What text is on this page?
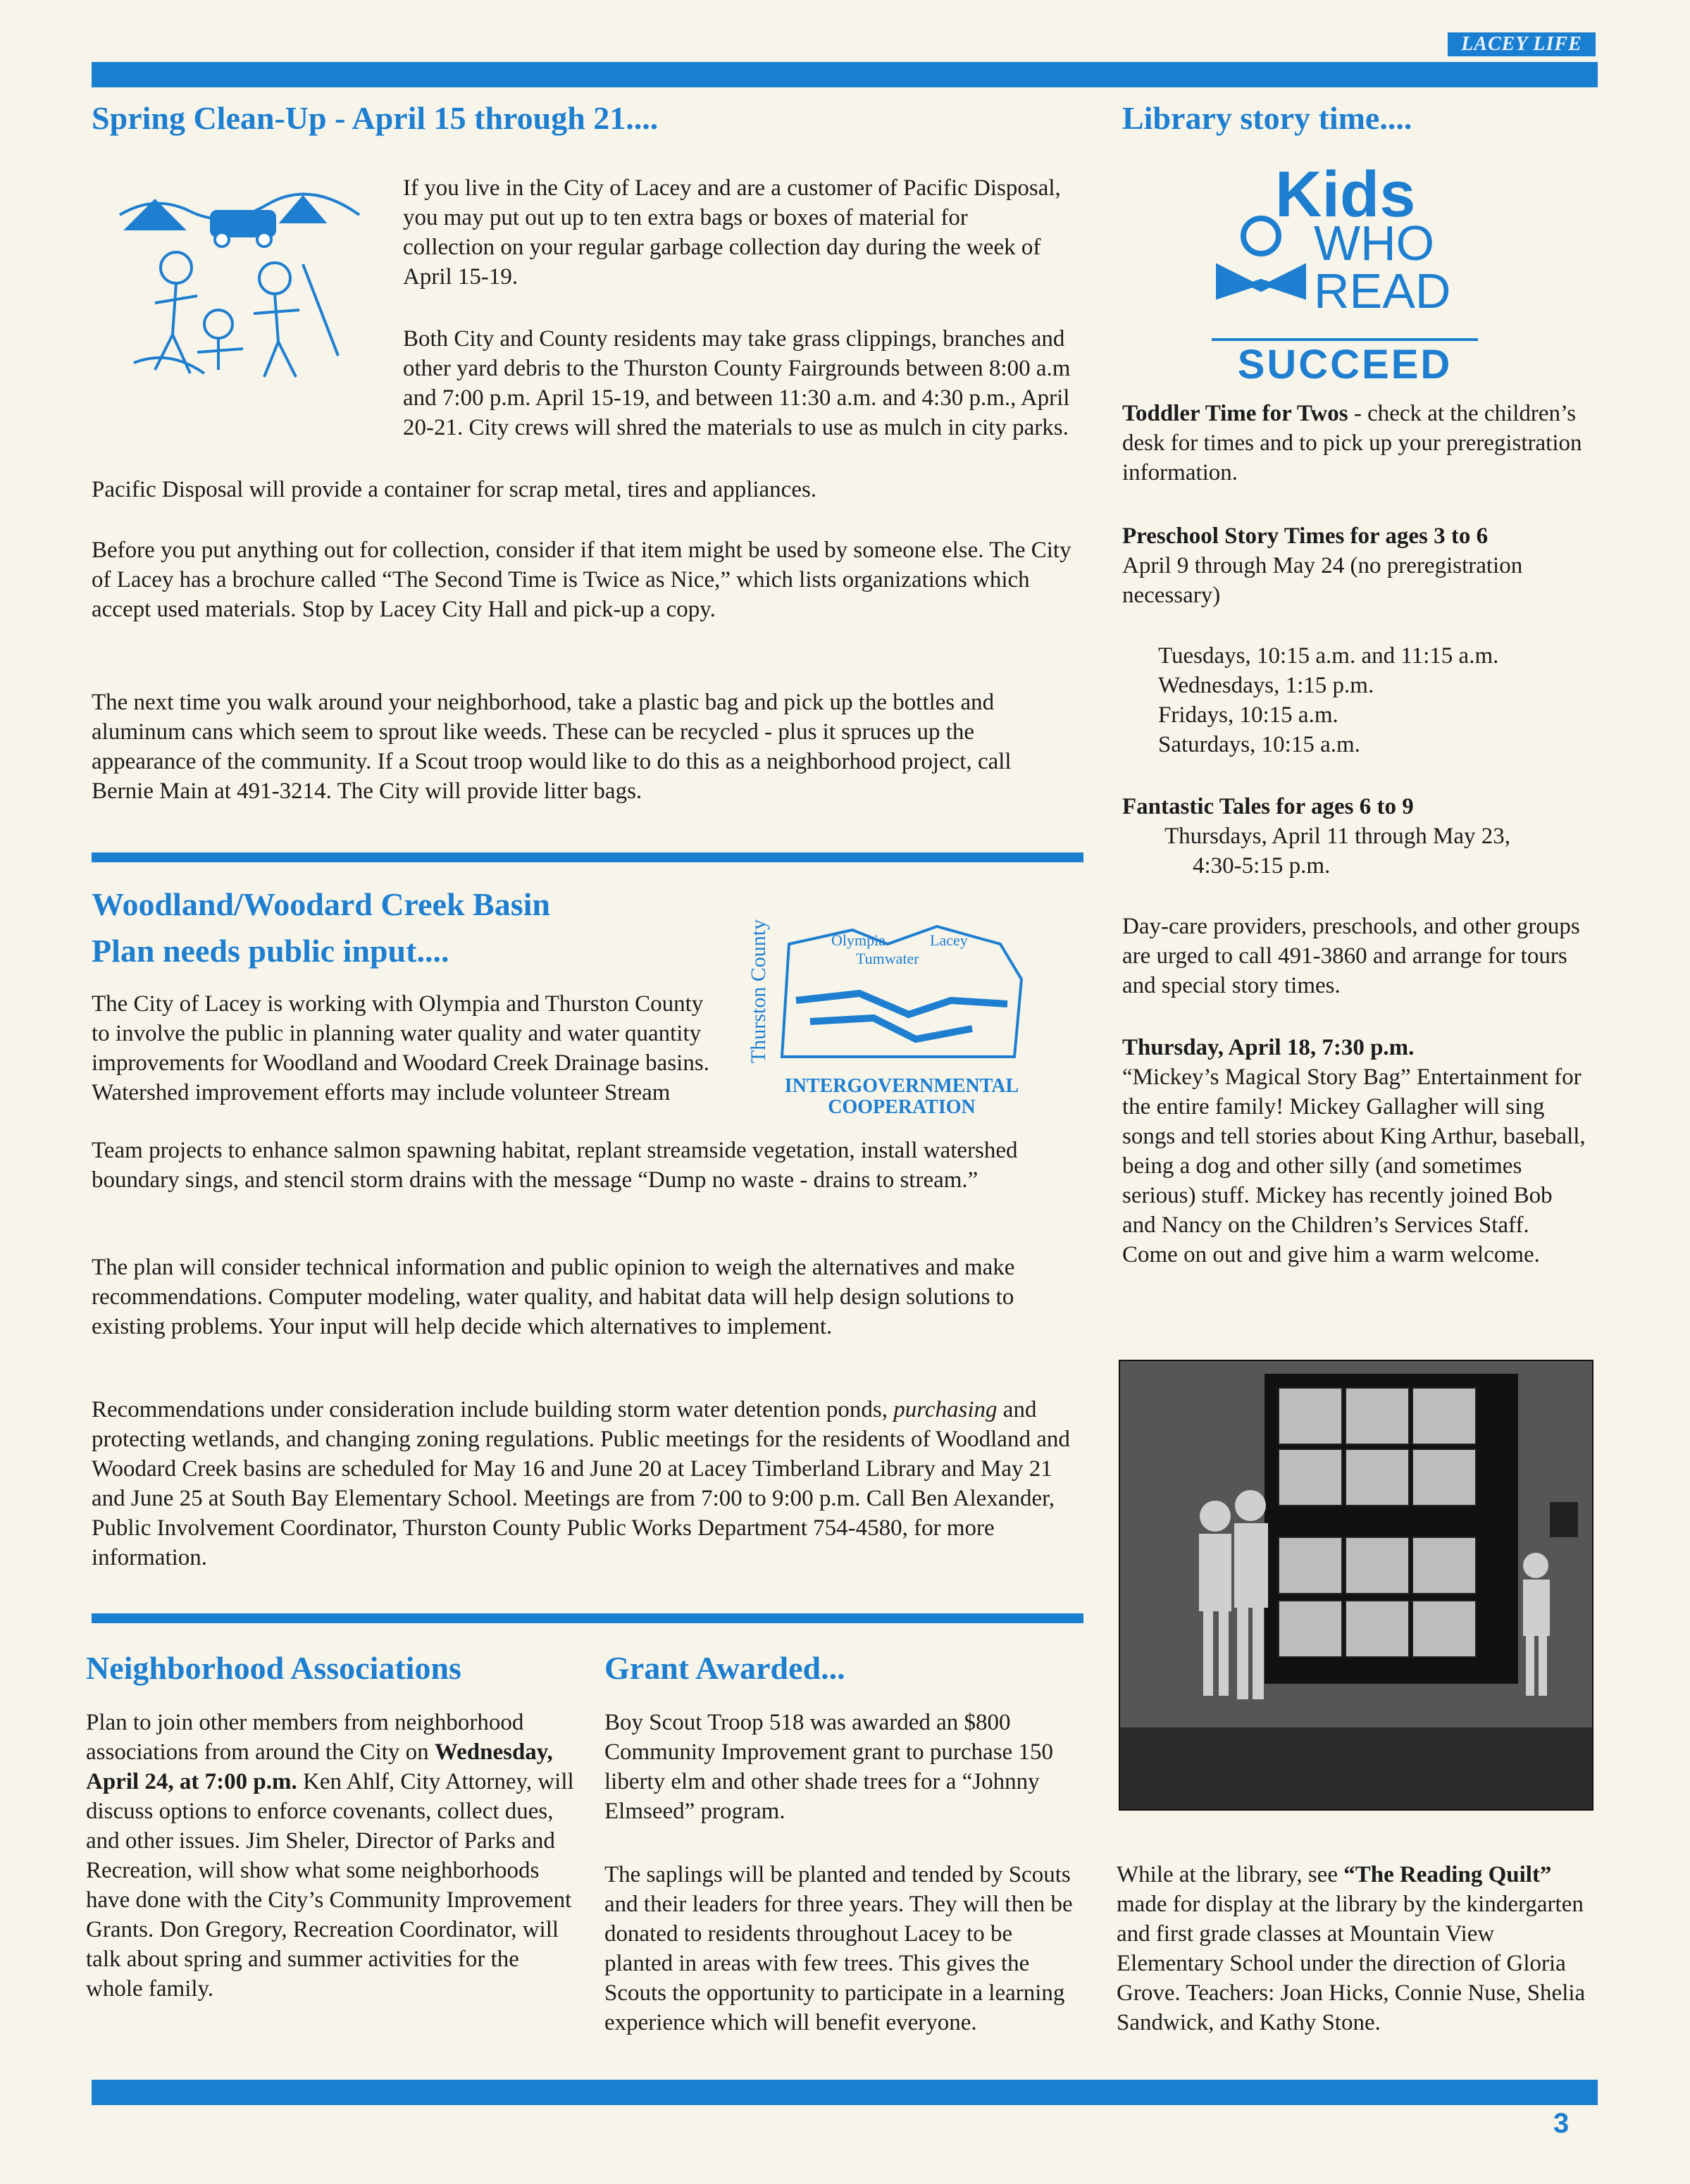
LACEY LIFE
Spring Clean-Up - April 15 through 21....
If you live in the City of Lacey and are a customer of Pacific Disposal, you may put out up to ten extra bags or boxes of material for collection on your regular garbage collection day during the week of April 15-19.
Both City and County residents may take grass clippings, branches and other yard debris to the Thurston County Fairgrounds between 8:00 a.m and 7:00 p.m. April 15-19, and between 11:30 a.m. and 4:30 p.m., April 20-21. City crews will shred the materials to use as mulch in city parks.
Pacific Disposal will provide a container for scrap metal, tires and appliances.
Before you put anything out for collection, consider if that item might be used by someone else. The City of Lacey has a brochure called “The Second Time is Twice as Nice,” which lists organizations which accept used materials. Stop by Lacey City Hall and pick-up a copy.
The next time you walk around your neighborhood, take a plastic bag and pick up the bottles and aluminum cans which seem to sprout like weeds. These can be recycled - plus it spruces up the appearance of the community. If a Scout troop would like to do this as a neighborhood project, call Bernie Main at 491-3214. The City will provide litter bags.
Woodland/Woodard Creek Basin
Plan needs public input....	Thurston County	Olympia	Lacey
Tumwater
INTERGOVERNMENTAL
COOPERATION
The City of Lacey is working with Olympia and Thurston County to involve the public in planning water quality and water quantity improvements for Woodland and Woodard Creek Drainage basins. Watershed improvement efforts may include volunteer Stream
Team projects to enhance salmon spawning habitat, replant streamside vegetation, install watershed boundary sings, and stencil storm drains with the message “Dump no waste - drains to stream.”
The plan will consider technical information and public opinion to weigh the alternatives and make recommendations. Computer modeling, water quality, and habitat data will help design solutions to existing problems. Your input will help decide which alternatives to implement.
Recommendations under consideration include building storm water detention ponds, purchasing and protecting wetlands, and changing zoning regulations. Public meetings for the residents of Woodland and Woodard Creek basins are scheduled for May 16 and June 20 at Lacey Timberland Library and May 21 and June 25 at South Bay Elementary School. Meetings are from 7:00 to 9:00 p.m. Call Ben Alexander, Public Involvement Coordinator, Thurston County Public Works Department 754-4580, for more information.
Neighborhood Associations
Plan to join other members from neighborhood associations from around the City on Wednesday, April 24, at 7:00 p.m. Ken Ahlf, City Attorney, will discuss options to enforce covenants, collect dues, and other issues. Jim Sheler, Director of Parks and Recreation, will show what some neighborhoods have done with the City’s Community Improvement Grants. Don Gregory, Recreation Coordinator, will talk about spring and summer activities for the whole family.
Grant Awarded...
Boy Scout Troop 518 was awarded an $800 Community Improvement grant to purchase 150 liberty elm and other shade trees for a “Johnny Elmseed” program.
The saplings will be planted and tended by Scouts and their leaders for three years. They will then be donated to residents throughout Lacey to be planted in areas with few trees. This gives the Scouts the opportunity to participate in a learning experience which will benefit everyone.
Library story time....
Kids
WHO
READ
SUCCEED
Toddler Time for Twos - check at the children’s desk for times and to pick up your preregistration information.
Preschool Story Times for ages 3 to 6
April 9 through May 24 (no preregistration necessary)
Tuesdays, 10:15 a.m. and 11:15 a.m.
Wednesdays, 1:15 p.m.
Fridays, 10:15 a.m.
Saturdays, 10:15 a.m.
Fantastic Tales for ages 6 to 9
Thursdays, April 11 through May 23,
4:30-5:15 p.m.
Day-care providers, preschools, and other groups are urged to call 491-3860 and arrange for tours and special story times.
Thursday, April 18, 7:30 p.m.
“Mickey’s Magical Story Bag” Entertainment for the entire family! Mickey Gallagher will sing songs and tell stories about King Arthur, baseball, being a dog and other silly (and sometimes serious) stuff. Mickey has recently joined Bob and Nancy on the Children’s Services Staff. Come on out and give him a warm welcome.
While at the library, see “The Reading Quilt” made for display at the library by the kindergarten and first grade classes at Mountain View Elementary School under the direction of Gloria Grove. Teachers: Joan Hicks, Connie Nuse, Shelia Sandwick, and Kathy Stone.
3
